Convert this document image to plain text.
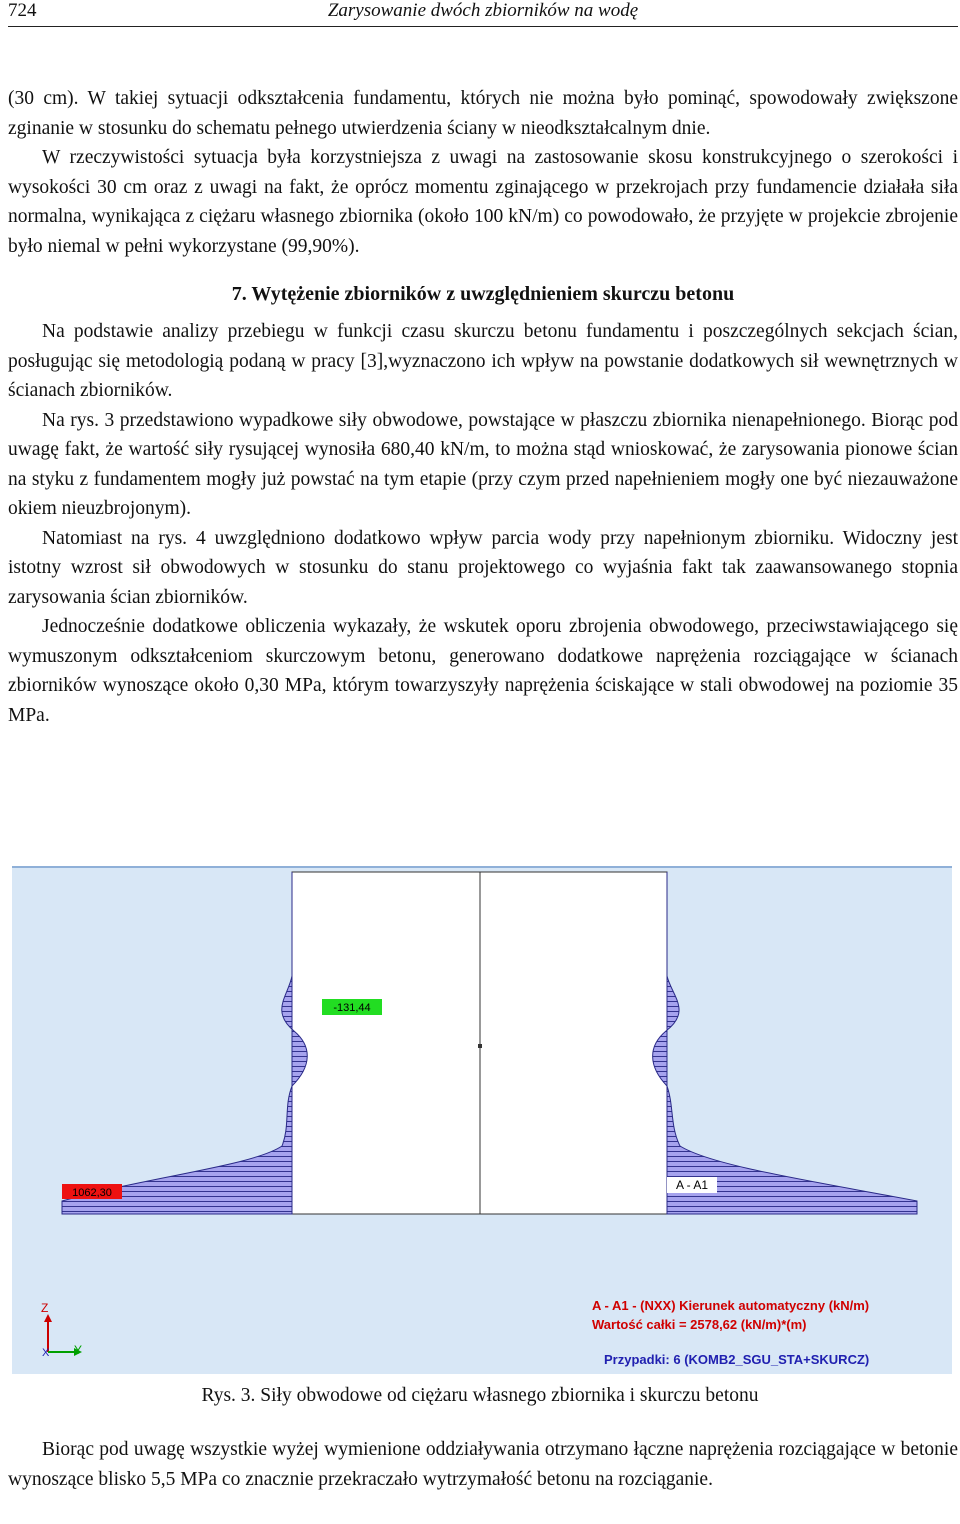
724	Zarysowanie dwóch zbiorników na wodę

(30 cm). W takiej sytuacji odkształcenia fundamentu, których nie można było pominąć, spowodowały zwiększone zginanie w stosunku do schematu pełnego utwierdzenia ściany w nieodkształcalnym dnie.

W rzeczywistości sytuacja była korzystniejsza z uwagi na zastosowanie skosu konstrukcyjnego o szerokości i wysokości 30 cm oraz z uwagi na fakt, że oprócz momentu zginającego w przekrojach przy fundamencie działała siła normalna, wynikająca z ciężaru własnego zbiornika (około 100 kN/m) co powodowało, że przyjęte w projekcie zbrojenie było niemal w pełni wykorzystane (99,90%).

7. Wytężenie zbiorników z uwzględnieniem skurczu betonu

Na podstawie analizy przebiegu w funkcji czasu skurczu betonu fundamentu i poszczególnych sekcjach ścian, posługując się metodologią podaną w pracy [3],wyznaczono ich wpływ na powstanie dodatkowych sił wewnętrznych w ścianach zbiorników.

Na rys. 3 przedstawiono wypadkowe siły obwodowe, powstające w płaszczu zbiornika nienapełnionego. Biorąc pod uwagę fakt, że wartość siły rysującej wynosiła 680,40 kN/m, to można stąd wnioskować, że zarysowania pionowe ścian na styku z fundamentem mogły już powstać na tym etapie (przy czym przed napełnieniem mogły one być niezauważone okiem nieuzbrojonym).

Natomiast na rys. 4 uwzględniono dodatkowo wpływ parcia wody przy napełnionym zbiorniku. Widoczny jest istotny wzrost sił obwodowych w stosunku do stanu projektowego co wyjaśnia fakt tak zaawansowanego stopnia zarysowania ścian zbiorników.

Jednocześnie dodatkowe obliczenia wykazały, że wskutek oporu zbrojenia obwodowego, przeciwstawiającego się wymuszonym odkształceniom skurczowym betonu, generowano dodatkowe naprężenia rozciągające w ścianach zbiorników wynoszące około 0,30 MPa, którym towarzyszyły naprężenia ściskające w stali obwodowej na poziomie 35 MPa.

-131,44
1062,30
A - A1
Z
X Y
A - A1 - (NXX) Kierunek automatyczny (kN/m)
Wartość całki = 2578,62 (kN/m)*(m)
Przypadki: 6 (KOMB2_SGU_STA+SKURCZ)
Rys. 3. Siły obwodowe od ciężaru własnego zbiornika i skurczu betonu

Biorąc pod uwagę wszystkie wyżej wymienione oddziaływania otrzymano łączne naprężenia rozciągające w betonie wynoszące blisko 5,5 MPa co znacznie przekraczało wytrzymałość betonu na rozciąganie.
